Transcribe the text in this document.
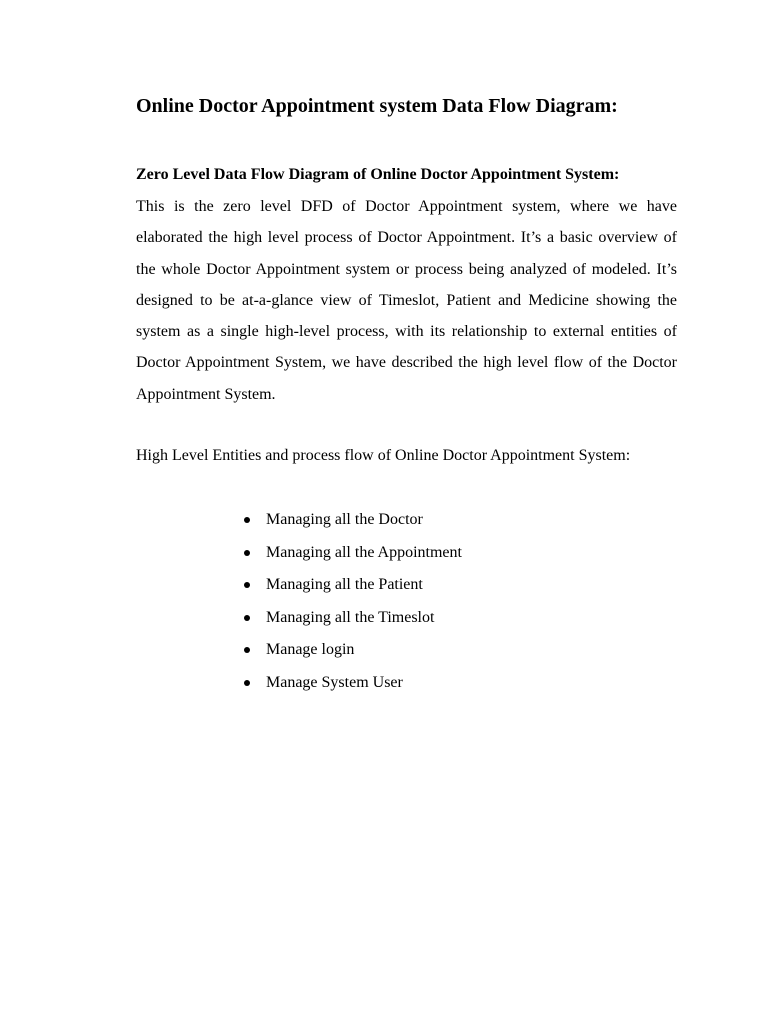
Online Doctor Appointment system Data Flow Diagram:
Zero Level Data Flow Diagram of Online Doctor Appointment System:

This is the zero level DFD of Doctor Appointment system, where we have elaborated the high level process of Doctor Appointment. It’s a basic overview of the whole Doctor Appointment system or process being analyzed of modeled. It’s designed to be at-a-glance view of Timeslot, Patient and Medicine showing the system as a single high-level process, with its relationship to external entities of Doctor Appointment System, we have described the high level flow of the Doctor Appointment System.

High Level Entities and process flow of Online Doctor Appointment System:

Managing all the Doctor
Managing all the Appointment
Managing all the Patient
Managing all the Timeslot
Manage login
Manage System User
